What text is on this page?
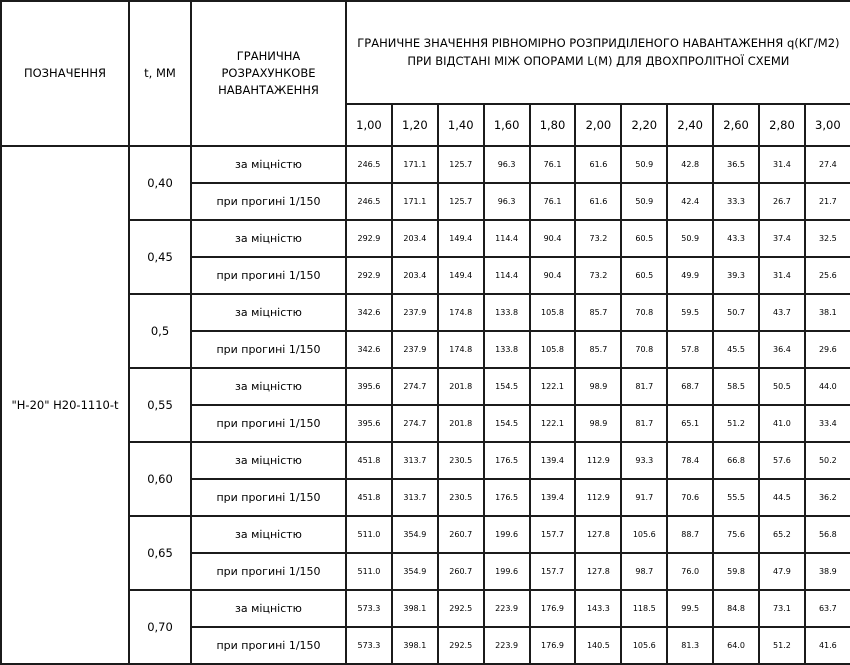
ПОЗНАЧЕННЯ	t, ММ	ГРАНИЧНА РОЗРАХУНКОВЕ НАВАНТАЖЕННЯ	ГРАНИЧНЕ ЗНАЧЕННЯ РІВНОМІРНО РОЗПРИДІЛЕНОГО НАВАНТАЖЕННЯ q(КГ/М2) ПРИ ВІДСТАНІ МІЖ ОПОРАМИ L(М) ДЛЯ ДВОХПРОЛІТНОЇ СХЕМИ										
			1,00	1,20	1,40	1,60	1,80	2,00	2,20	2,40	2,60	2,80	3,00
"Н-20" Н20-1110-t	0,40	за міцністю	246.5	171.1	125.7	96.3	76.1	61.6	50.9	42.8	36.5	31.4	27.4
		при прогині 1/150	246.5	171.1	125.7	96.3	76.1	61.6	50.9	42.4	33.3	26.7	21.7
	0,45	за міцністю	292.9	203.4	149.4	114.4	90.4	73.2	60.5	50.9	43.3	37.4	32.5
		при прогині 1/150	292.9	203.4	149.4	114.4	90.4	73.2	60.5	49.9	39.3	31.4	25.6
	0,5	за міцністю	342.6	237.9	174.8	133.8	105.8	85.7	70.8	59.5	50.7	43.7	38.1
		при прогині 1/150	342.6	237.9	174.8	133.8	105.8	85.7	70.8	57.8	45.5	36.4	29.6
	0,55	за міцністю	395.6	274.7	201.8	154.5	122.1	98.9	81.7	68.7	58.5	50.5	44.0
		при прогині 1/150	395.6	274.7	201.8	154.5	122.1	98.9	81.7	65.1	51.2	41.0	33.4
	0,60	за міцністю	451.8	313.7	230.5	176.5	139.4	112.9	93.3	78.4	66.8	57.6	50.2
		при прогині 1/150	451.8	313.7	230.5	176.5	139.4	112.9	91.7	70.6	55.5	44.5	36.2
	0,65	за міцністю	511.0	354.9	260.7	199.6	157.7	127.8	105.6	88.7	75.6	65.2	56.8
		при прогині 1/150	511.0	354.9	260.7	199.6	157.7	127.8	98.7	76.0	59.8	47.9	38.9
	0,70	за міцністю	573.3	398.1	292.5	223.9	176.9	143.3	118.5	99.5	84.8	73.1	63.7
		при прогині 1/150	573.3	398.1	292.5	223.9	176.9	140.5	105.6	81.3	64.0	51.2	41.6
